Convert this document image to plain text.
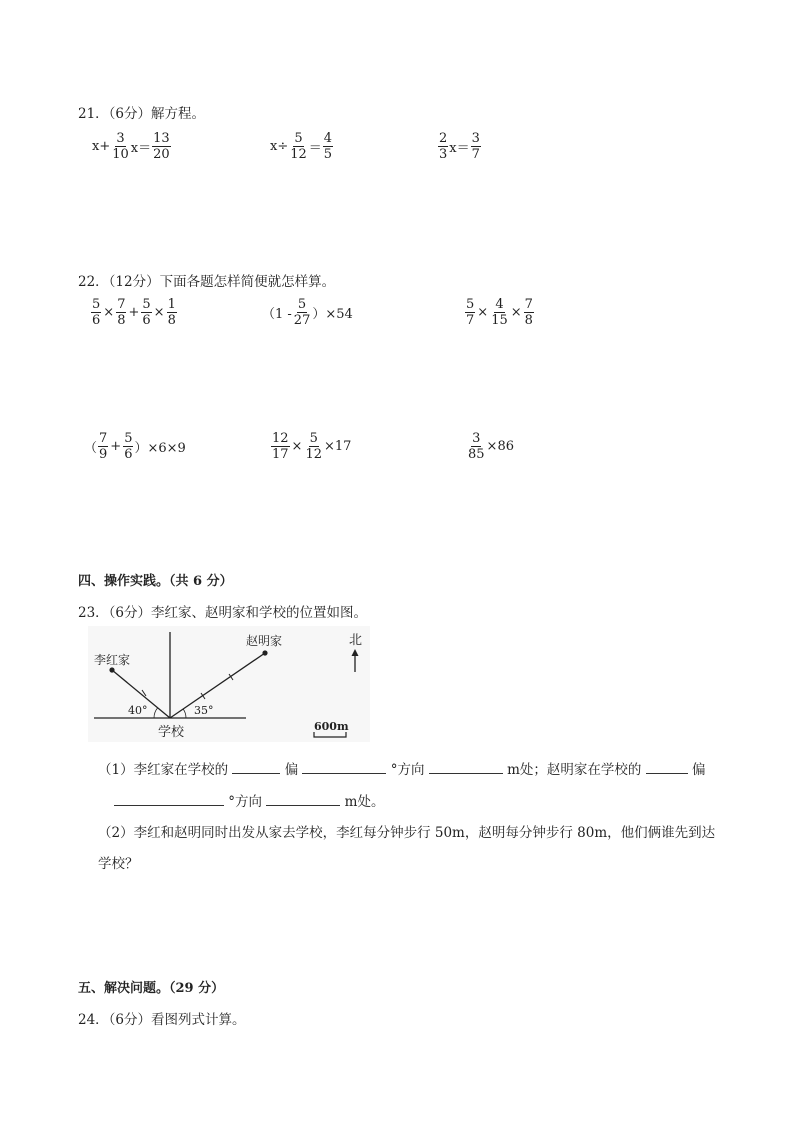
21．（6分）解方程。
$x+ \frac{3}{10} x= \frac{13}{20}$	$x\div \frac{5}{12} = \frac{4}{5}$	$\frac{2}{3} x= \frac{3}{7}$
22．（12分）下面各题怎样简便就怎样算。
$\frac{5}{6} \times \frac{7}{8} + \frac{5}{6} \times \frac{1}{8}$	$(1 - \frac{5}{27} )\times 54$	$\frac{5}{7} \times \frac{4}{15} \times \frac{7}{8}$
（ $\frac{7}{9} + \frac{5}{6} )\times 6\times 9$	$\frac{12}{17} \times \frac{5}{12} \times 17$	$\frac{3}{85} \times 86$
四、操作实践。（共 6 分）
23．（6分）李红家、赵明家和学校的位置如图。
李红家
赵明家
40°	35°
学校
北
600m
（1）李红家在学校的	偏	°方向	m处；赵明家在学校的	偏
°方向	m处。
（2）李红和赵明同时出发从家去学校，李红每分钟步行 50m，赵明每分钟步行 80m，他们俩谁先到达
学校？
五、解决问题。（29 分）
24．（6分）看图列式计算。
